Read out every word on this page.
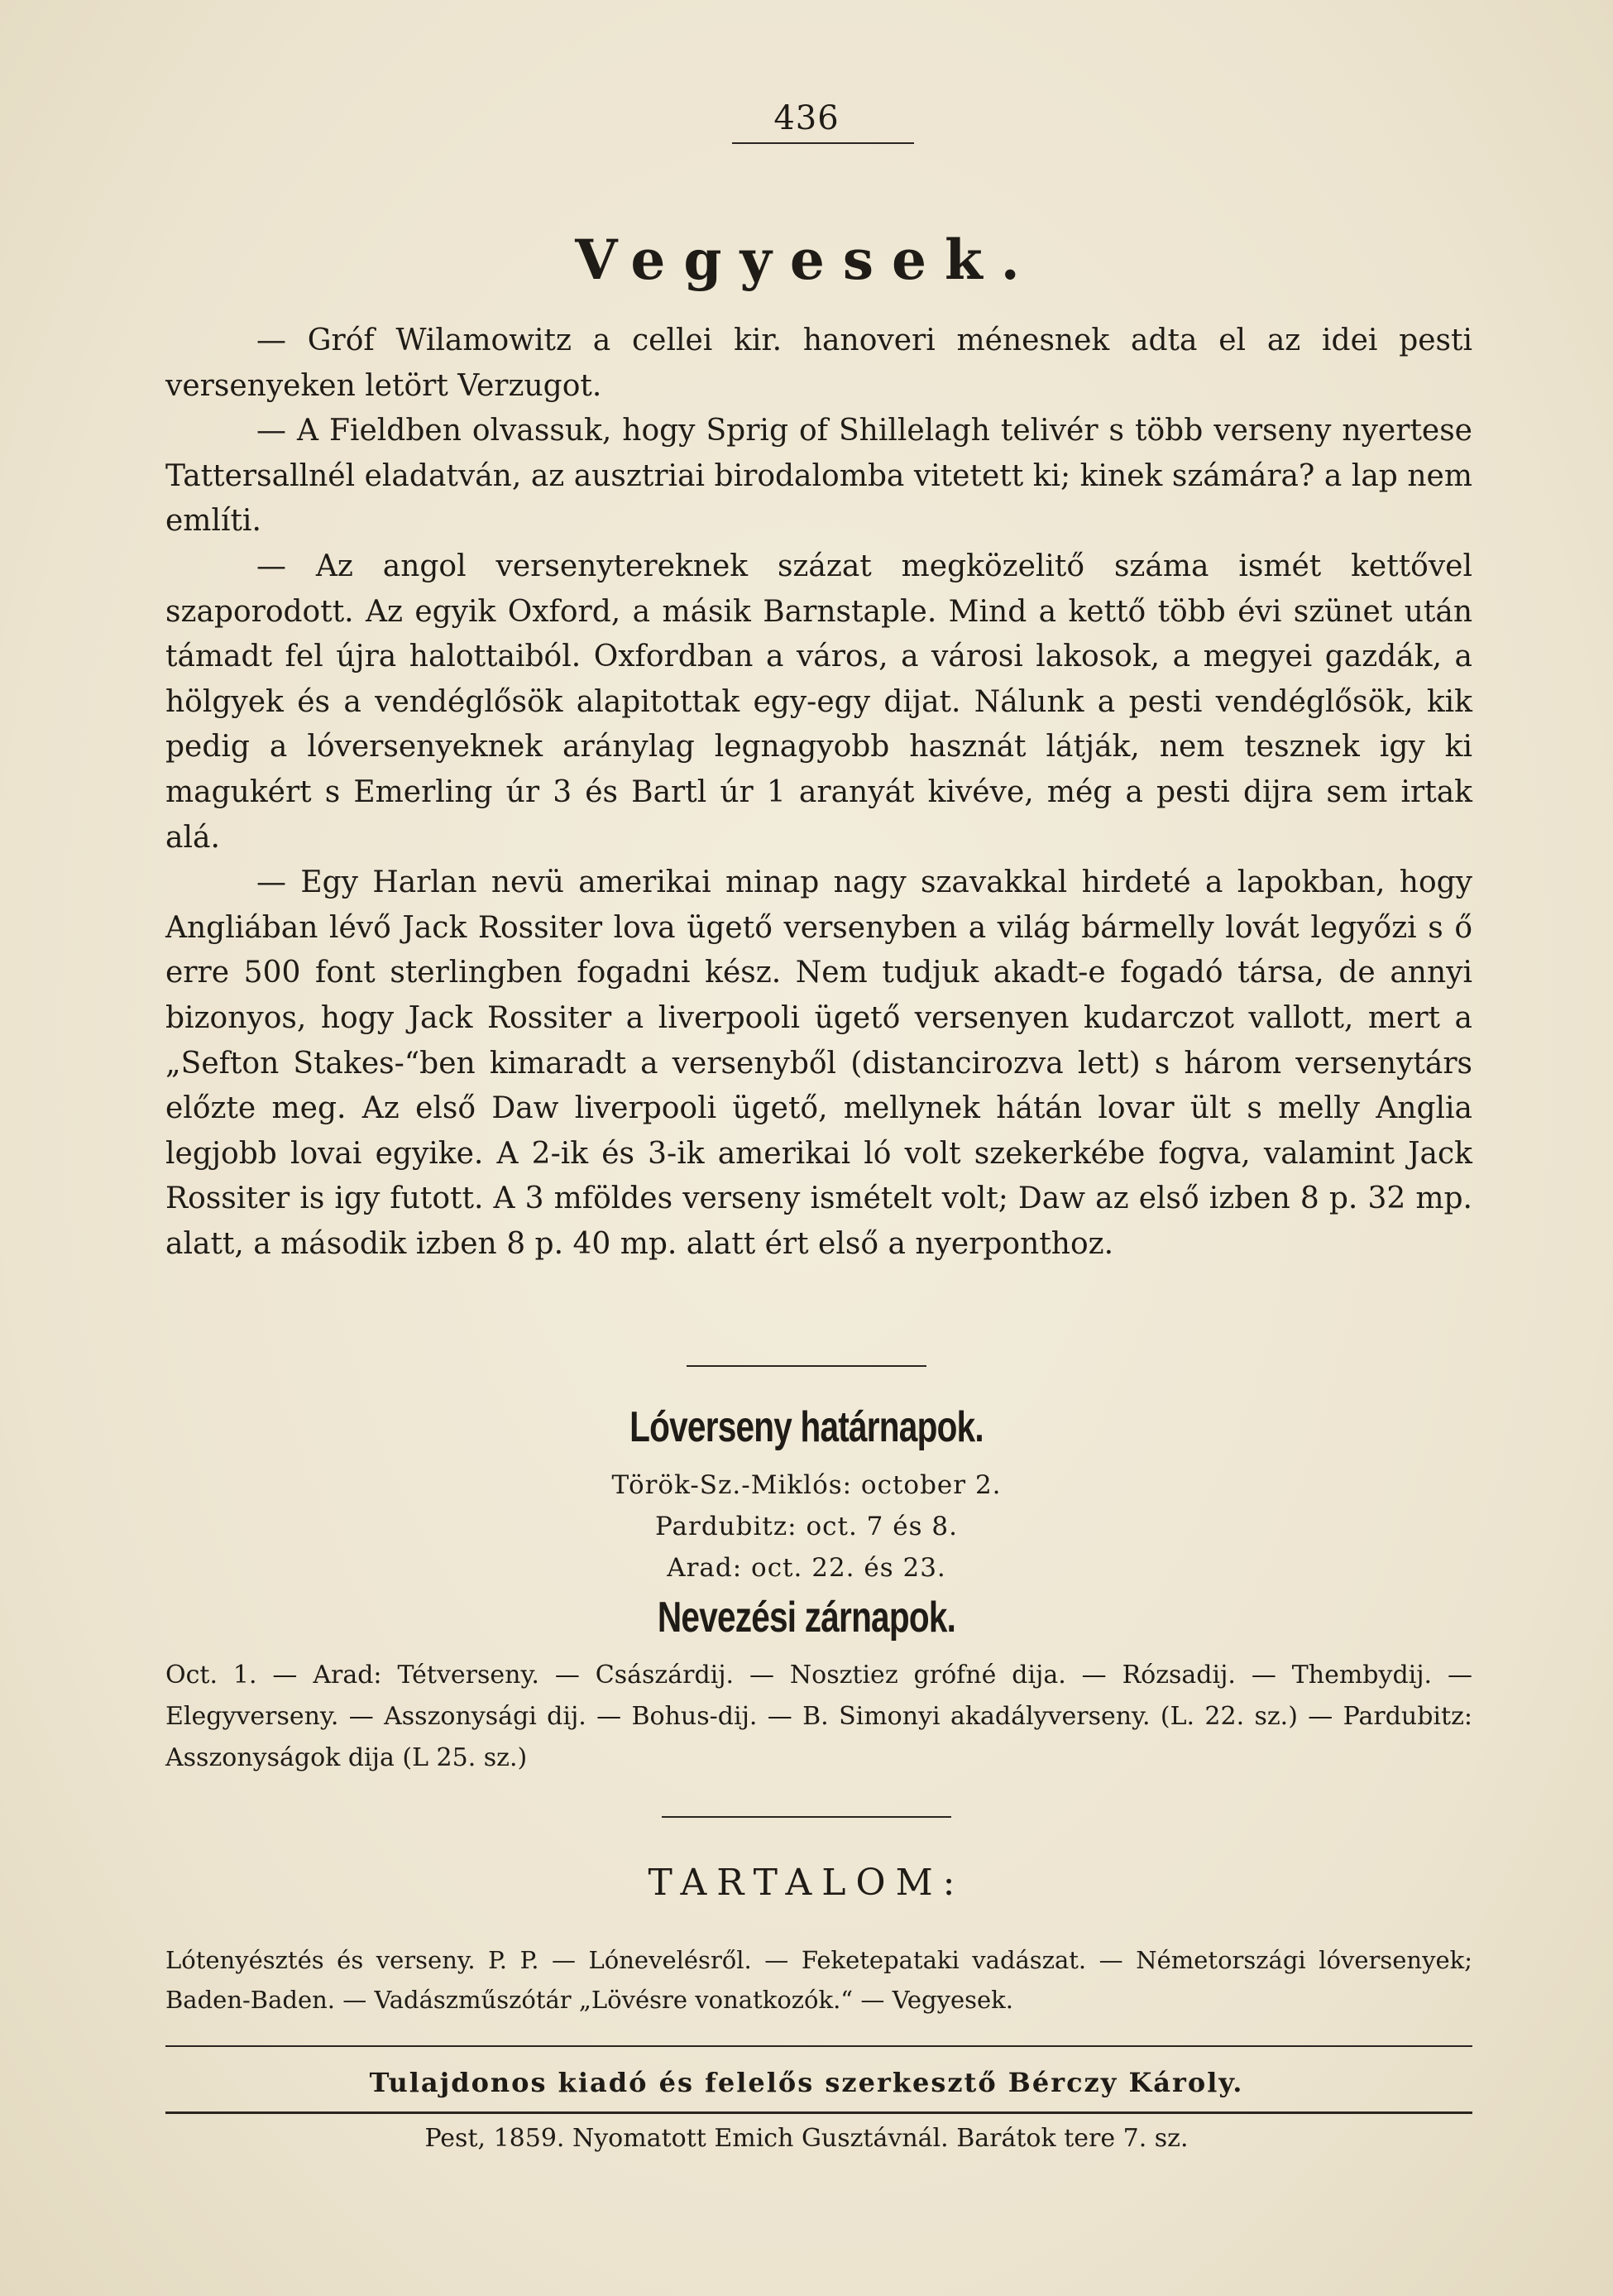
436
Vegyesek.

— Gróf Wilamowitz a cellei kir. hanoveri ménesnek adta el az idei pesti versenyeken letört Verzugot.

— A Fieldben olvassuk, hogy Sprig of Shillelagh telivér s több verseny nyertese Tattersallnél eladatván, az ausztriai birodalomba vitetett ki; kinek számára? a lap nem említi.

— Az angol versenytereknek százat megközelitő száma ismét kettővel szaporodott. Az egyik Oxford, a másik Barnstaple. Mind a kettő több évi szünet után támadt fel újra halottaiból. Oxfordban a város, a városi lakosok, a megyei gazdák, a hölgyek és a vendéglősök alapitottak egy-egy dijat. Nálunk a pesti vendéglősök, kik pedig a lóversenyeknek aránylag legnagyobb hasznát látják, nem tesznek igy ki magukért s Emerling úr 3 és Bartl úr 1 aranyát kivéve, még a pesti dijra sem irtak alá.

— Egy Harlan nevü amerikai minap nagy szavakkal hirdeté a lapokban, hogy Angliában lévő Jack Rossiter lova ügető versenyben a világ bármelly lovát legyőzi s ő erre 500 font sterlingben fogadni kész. Nem tudjuk akadt-e fogadó társa, de annyi bizonyos, hogy Jack Rossiter a liverpooli ügető versenyen kudarczot vallott, mert a „Sefton Stakes-“ben kimaradt a versenyből (distancirozva lett) s három versenytárs előzte meg. Az első Daw liverpooli ügető, mellynek hátán lovar ült s melly Anglia legjobb lovai egyike. A 2-ik és 3-ik amerikai ló volt szekerkébe fogva, valamint Jack Rossiter is igy futott. A 3 mföldes verseny ismételt volt; Daw az első izben 8 p. 32 mp. alatt, a második izben 8 p. 40 mp. alatt ért első a nyerponthoz.

Lóverseny határnapok.
Török-Sz.-Miklós: october 2.
Pardubitz: oct. 7 és 8.
Arad: oct. 22. és 23.
Nevezési zárnapok.

Oct. 1. — Arad: Tétverseny. — Császárdij. — Nosztiez grófné dija. — Rózsadij. — Thembydij. — Elegyverseny. — Asszonysági dij. — Bohus-dij. — B. Simonyi akadályverseny. (L. 22. sz.) — Pardubitz: Asszonyságok dija (L 25. sz.)

TARTALOM:

Lótenyésztés és verseny. P. P. — Lónevelésről. — Feketepataki vadászat. — Németországi lóversenyek; Baden-Baden. — Vadászműszótár „Lövésre vonatkozók.“ — Vegyesek.

Tulajdonos kiadó és felelős szerkesztő Bérczy Károly.
Pest, 1859. Nyomatott Emich Gusztávnál. Barátok tere 7. sz.
